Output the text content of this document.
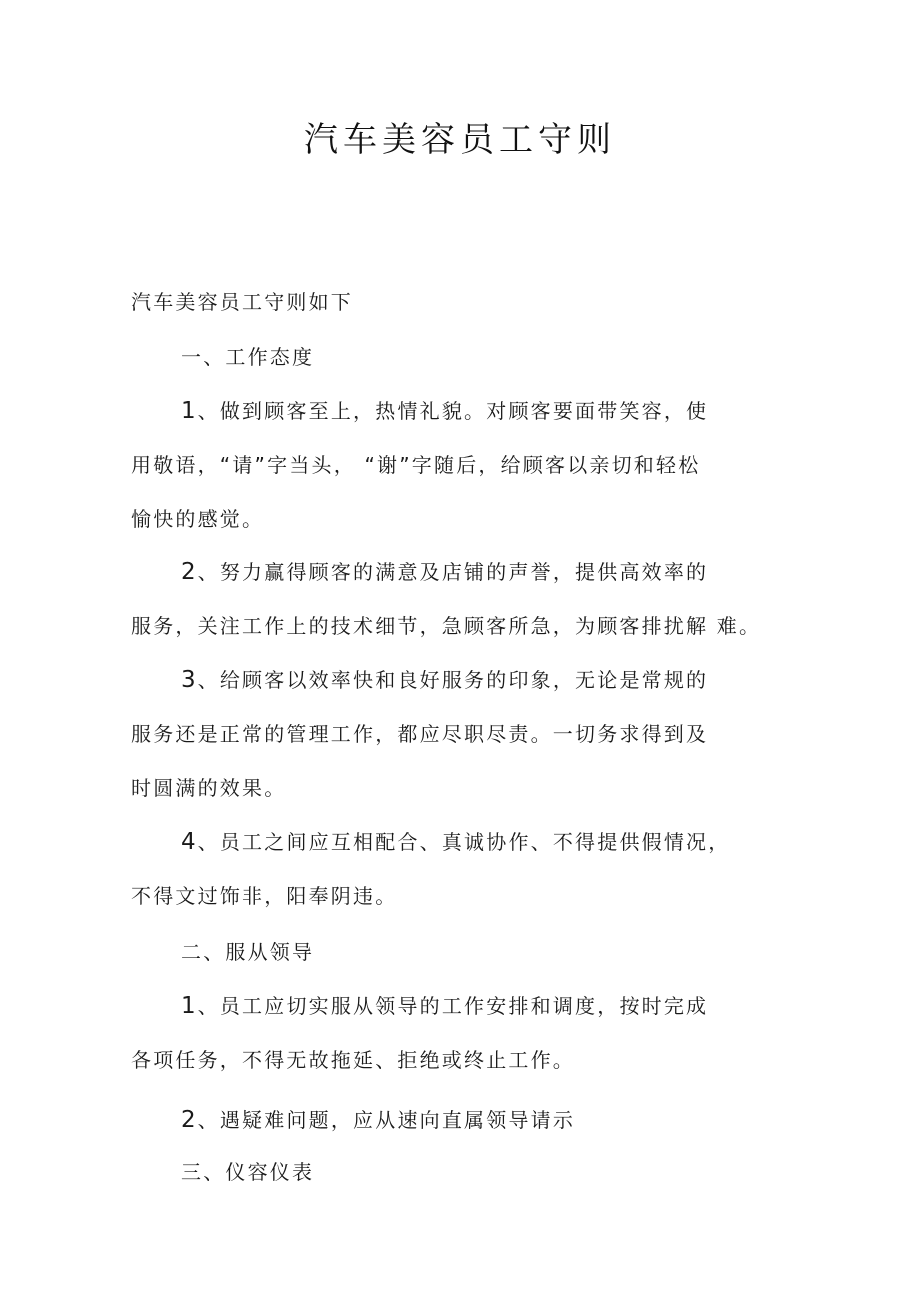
汽车美容员工守则
汽车美容员工守则如下
一、工作态度
1 、做到顾客至上，热情礼貌。对顾客要面带笑容，使
用敬语，“请”字当头， “谢”字随后，给顾客以亲切和轻松
愉快的感觉。
2 、努力赢得顾客的满意及店铺的声誉，提供高效率的
服务，关注工作上的技术细节，急顾客所急，为顾客排扰解 难。
3 、给顾客以效率快和良好服务的印象，无论是常规的
服务还是正常的管理工作，都应尽职尽责。一切务求得到及
时圆满的效果。
4 、员工之间应互相配合、真诚协作、不得提供假情况，
不得文过饰非，阳奉阴违。
二、服从领导
1 、员工应切实服从领导的工作安排和调度，按时完成
各项任务，不得无故拖延、拒绝或终止工作。
2 、遇疑难问题，应从速向直属领导请示
三、仪容仪表
